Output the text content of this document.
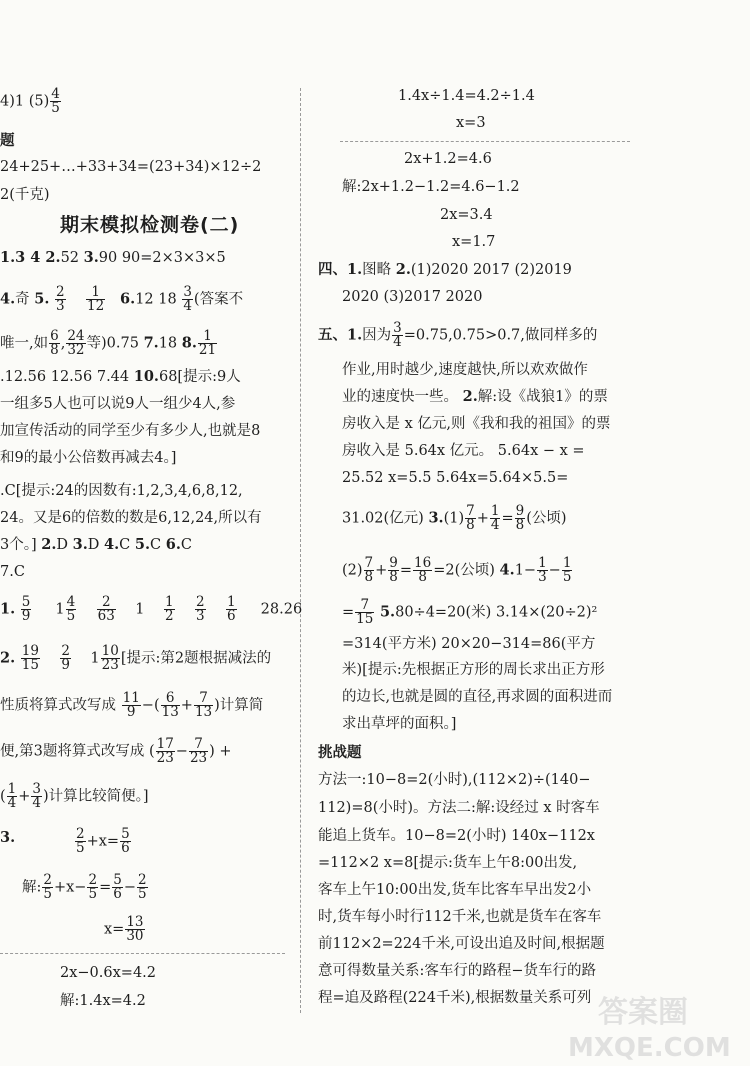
4)1 $(5) \frac{4}{5}$
题
24+25+…+33+34=(23+34)×12÷2
2(千克)
期末模拟检测卷(二)
1.3 4 2.52 3.90 90=2×3×3×5
4.奇 5. $\frac{2}{3}$
$\frac{1}{12} 6.12$ $18 \frac{3}{4}$ (答案不
唯一,如 $\frac{6}{8}$ , $\frac{24}{32}$ 等)0.75 7.18 8. $\frac{1}{21}$
.12.56 12.56 7.44 10.68[提示:9人
一组多5人也可以说9人一组少4人,参
加宣传活动的同学至少有多少人,也就是8
和9的最小公倍数再减去4。]
.C[提示:24的因数有:1,2,3,4,6,8,12,
24。又是6的倍数的数是6,12,24,所以有
3个。] 2.D 3.D 4.C 5.C 6.C
7.C
1. $\frac{5}{9} 1 \frac{4}{5}$
$\frac{2}{63} 1 \frac{1}{2}$
$\frac{2}{3}$
$\frac{1}{6} 28.26$
2. $\frac{19}{15}$
$\frac{2}{9} 1 \frac{10}{23}$ [提示:第2题根据减法的
性质将算式改写成 $\frac{11}{9}$ −( $\frac{6}{13} + \frac{7}{13}$ )计算简
便,第3题将算式改写成 ( $\frac{17}{23} - \frac{7}{23}$ ) +
( $\frac{1}{4} + \frac{3}{4}$ )计算比较简便。]
3.	$\frac{2}{5} +x= \frac{5}{6}$
解: $\frac{2}{5} +x- \frac{2}{5} = \frac{5}{6} - \frac{2}{5}$
$x= \frac{13}{30}$
2x−0.6x=4.2
解:1.4x=4.2
1.4x÷1.4=4.2÷1.4
x=3
2x+1.2=4.6
解:2x+1.2−1.2=4.6−1.2
2x=3.4
x=1.7
四、1.图略 2.(1)2020 2017 (2)2019
2020 (3)2017 2020
五、1.因为 $\frac{3}{4} =0.75,0.75>0.7$,做同样多的
作业,用时越少,速度越快,所以欢欢做作
业的速度快一些。 2.解:设《战狼1》的票
房收入是 x 亿元,则《我和我的祖国》的票
房收入是 5.64x 亿元。 5.64x − x =
25.52 x=5.5 5.64x=5.64×5.5=
31.02(亿元) $3.(1) \frac{7}{8} + \frac{1}{4} = \frac{9}{8}$ (公顷)
$(2) \frac{7}{8} + \frac{9}{8} = \frac{16}{8} =2$(公顷) $4.1- \frac{1}{3} - \frac{1}{5}$
= $\frac{7}{15} 5.80\div 4=20$(米) 3.14×(20÷2)²
=314(平方米) 20×20−314=86(平方
米)[提示:先根据正方形的周长求出正方形
的边长,也就是圆的直径,再求圆的面积进而
求出草坪的面积。]
挑战题
方法一:10−8=2(小时),(112×2)÷(140−
112)=8(小时)。方法二:解:设经过 x 时客车
能追上货车。10−8=2(小时) 140x−112x
=112×2 x=8[提示:货车上午8:00出发,
客车上午10:00出发,货车比客车早出发2小
时,货车每小时行112千米,也就是货车在客车
前112×2=224千米,可设出追及时间,根据题
意可得数量关系:客车行的路程−货车行的路
程=追及路程(224千米),根据数量关系可列 答案圈
MXQE.COM
